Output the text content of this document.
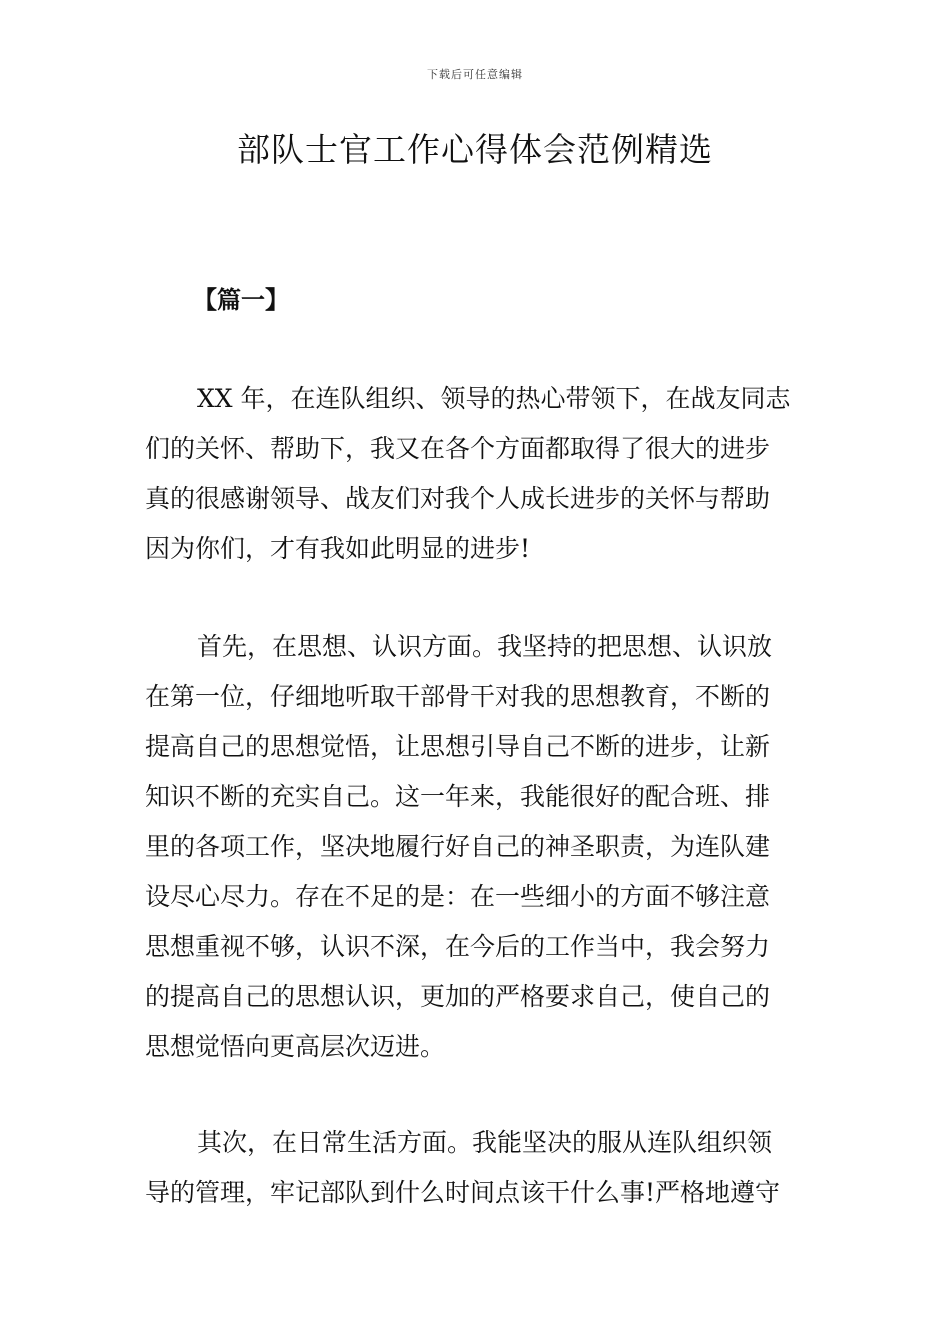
下载后可任意编辑
部队士官工作心得体会范例精选
【篇一】
XX 年，在连队组织、领导的热心带领下，在战友同志
们的关怀、帮助下，我又在各个方面都取得了很大的进步
真的很感谢领导、战友们对我个人成长进步的关怀与帮助
因为你们，才有我如此明显的进步!
首先，在思想、认识方面。我坚持的把思想、认识放
在第一位，仔细地听取干部骨干对我的思想教育，不断的
提高自己的思想觉悟，让思想引导自己不断的进步，让新
知识不断的充实自己。这一年来，我能很好的配合班、排
里的各项工作，坚决地履行好自己的神圣职责，为连队建
设尽心尽力。存在不足的是：在一些细小的方面不够注意
思想重视不够，认识不深，在今后的工作当中，我会努力
的提高自己的思想认识，更加的严格要求自己，使自己的
思想觉悟向更高层次迈进。
其次，在日常生活方面。我能坚决的服从连队组织领
导的管理，牢记部队到什么时间点该干什么事!严格地遵守
